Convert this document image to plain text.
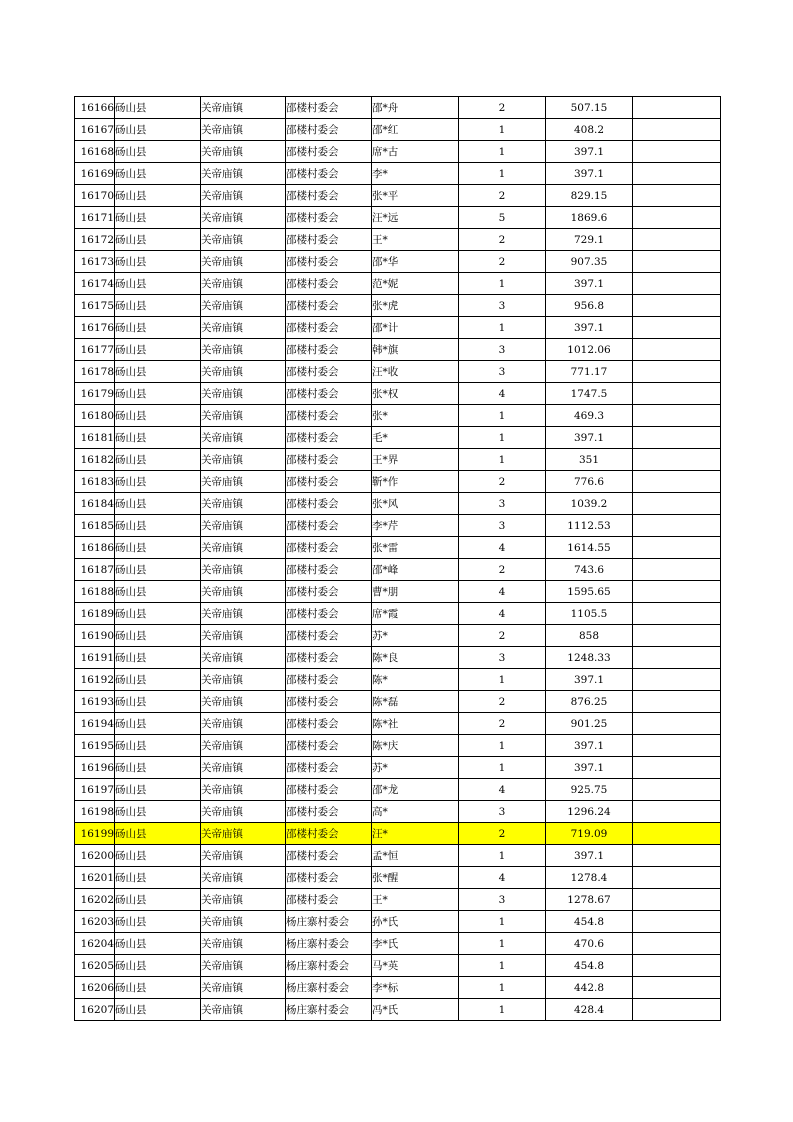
16166	砀山县	关帝庙镇	邵楼村委会	邵*舟	2	507.15	
16167	砀山县	关帝庙镇	邵楼村委会	邵*红	1	408.2	
16168	砀山县	关帝庙镇	邵楼村委会	席*古	1	397.1	
16169	砀山县	关帝庙镇	邵楼村委会	李*	1	397.1	
16170	砀山县	关帝庙镇	邵楼村委会	张*平	2	829.15	
16171	砀山县	关帝庙镇	邵楼村委会	汪*远	5	1869.6	
16172	砀山县	关帝庙镇	邵楼村委会	王*	2	729.1	
16173	砀山县	关帝庙镇	邵楼村委会	邵*华	2	907.35	
16174	砀山县	关帝庙镇	邵楼村委会	范*妮	1	397.1	
16175	砀山县	关帝庙镇	邵楼村委会	张*虎	3	956.8	
16176	砀山县	关帝庙镇	邵楼村委会	邵*计	1	397.1	
16177	砀山县	关帝庙镇	邵楼村委会	韩*旗	3	1012.06	
16178	砀山县	关帝庙镇	邵楼村委会	汪*收	3	771.17	
16179	砀山县	关帝庙镇	邵楼村委会	张*权	4	1747.5	
16180	砀山县	关帝庙镇	邵楼村委会	张*	1	469.3	
16181	砀山县	关帝庙镇	邵楼村委会	毛*	1	397.1	
16182	砀山县	关帝庙镇	邵楼村委会	王*界	1	351	
16183	砀山县	关帝庙镇	邵楼村委会	靳*作	2	776.6	
16184	砀山县	关帝庙镇	邵楼村委会	张*风	3	1039.2	
16185	砀山县	关帝庙镇	邵楼村委会	李*芹	3	1112.53	
16186	砀山县	关帝庙镇	邵楼村委会	张*雷	4	1614.55	
16187	砀山县	关帝庙镇	邵楼村委会	邵*峰	2	743.6	
16188	砀山县	关帝庙镇	邵楼村委会	曹*朋	4	1595.65	
16189	砀山县	关帝庙镇	邵楼村委会	席*霞	4	1105.5	
16190	砀山县	关帝庙镇	邵楼村委会	苏*	2	858	
16191	砀山县	关帝庙镇	邵楼村委会	陈*良	3	1248.33	
16192	砀山县	关帝庙镇	邵楼村委会	陈*	1	397.1	
16193	砀山县	关帝庙镇	邵楼村委会	陈*磊	2	876.25	
16194	砀山县	关帝庙镇	邵楼村委会	陈*社	2	901.25	
16195	砀山县	关帝庙镇	邵楼村委会	陈*庆	1	397.1	
16196	砀山县	关帝庙镇	邵楼村委会	苏*	1	397.1	
16197	砀山县	关帝庙镇	邵楼村委会	邵*龙	4	925.75	
16198	砀山县	关帝庙镇	邵楼村委会	高*	3	1296.24	
16199	砀山县	关帝庙镇	邵楼村委会	汪*	2	719.09	
16200	砀山县	关帝庙镇	邵楼村委会	孟*恒	1	397.1	
16201	砀山县	关帝庙镇	邵楼村委会	张*醒	4	1278.4	
16202	砀山县	关帝庙镇	邵楼村委会	王*	3	1278.67	
16203	砀山县	关帝庙镇	杨庄寨村委会	孙*氏	1	454.8	
16204	砀山县	关帝庙镇	杨庄寨村委会	李*氏	1	470.6	
16205	砀山县	关帝庙镇	杨庄寨村委会	马*英	1	454.8	
16206	砀山县	关帝庙镇	杨庄寨村委会	李*标	1	442.8	
16207	砀山县	关帝庙镇	杨庄寨村委会	冯*氏	1	428.4	
